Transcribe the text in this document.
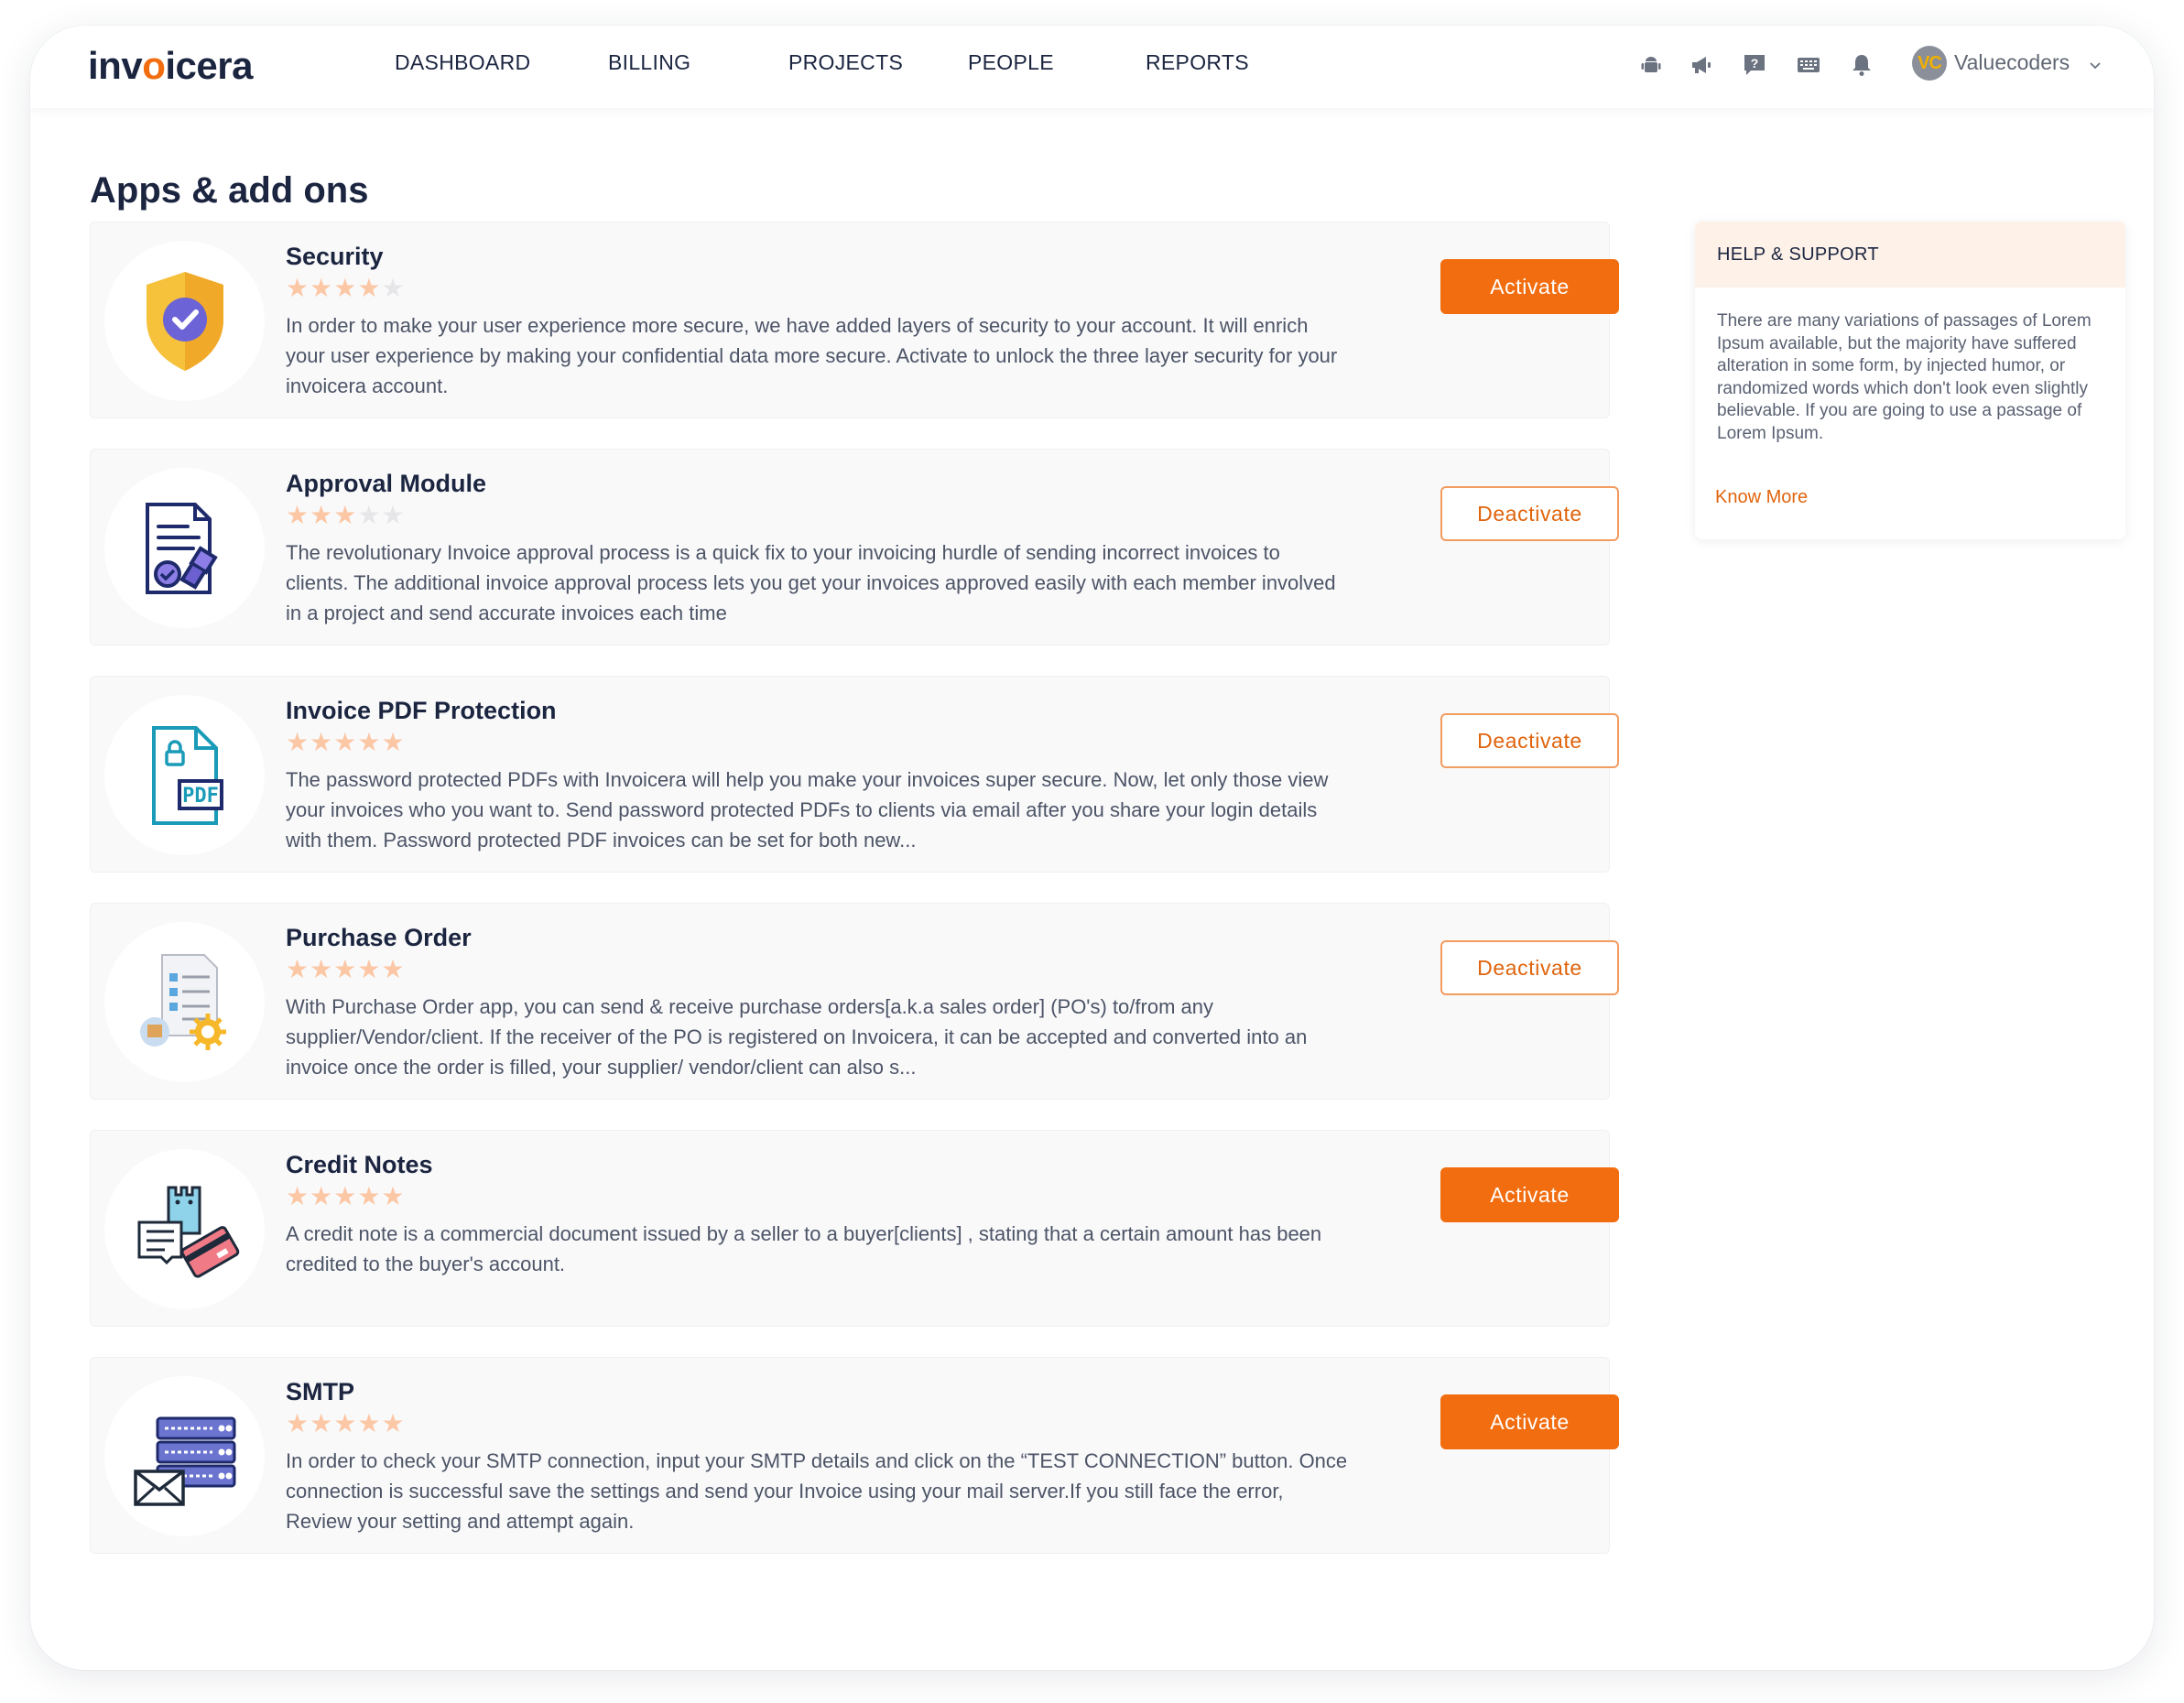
invoicera	DASHBOARD	BILLING	PROJECTS	PEOPLE	REPORTS	?	VC Valuecoders
Apps & add ons
Security
★★★★★
In order to make your user experience more secure, we have added layers of security to your account. It will enrich your user experience by making your confidential data more secure. Activate to unlock the three layer security for your invoicera account.
Activate
Approval Module
★★★★★
The revolutionary Invoice approval process is a quick fix to your invoicing hurdle of sending incorrect invoices to clients. The additional invoice approval process lets you get your invoices approved easily with each member involved in a project and send accurate invoices each time
Deactivate
PDF
Invoice PDF Protection
★★★★★
The password protected PDFs with Invoicera will help you make your invoices super secure. Now, let only those view your invoices who you want to. Send password protected PDFs to clients via email after you share your login details with them. Password protected PDF invoices can be set for both new...
Deactivate
Purchase Order
★★★★★
With Purchase Order app, you can send & receive purchase orders[a.k.a sales order] (PO's) to/from any supplier/Vendor/client. If the receiver of the PO is registered on Invoicera, it can be accepted and converted into an invoice once the order is filled, your supplier/ vendor/client can also s...
Deactivate
Credit Notes
★★★★★
A credit note is a commercial document issued by a seller to a buyer[clients] , stating that a certain amount has been credited to the buyer's account.
Activate
SMTP
★★★★★
In order to check your SMTP connection, input your SMTP details and click on the “TEST CONNECTION” button. Once connection is successful save the settings and send your Invoice using your mail server.If you still face the error, Review your setting and attempt again.
Activate
HELP & SUPPORT
There are many variations of passages of Lorem Ipsum available, but the majority have suffered alteration in some form, by injected humor, or randomized words which don't look even slightly believable. If you are going to use a passage of Lorem Ipsum.
Know More
